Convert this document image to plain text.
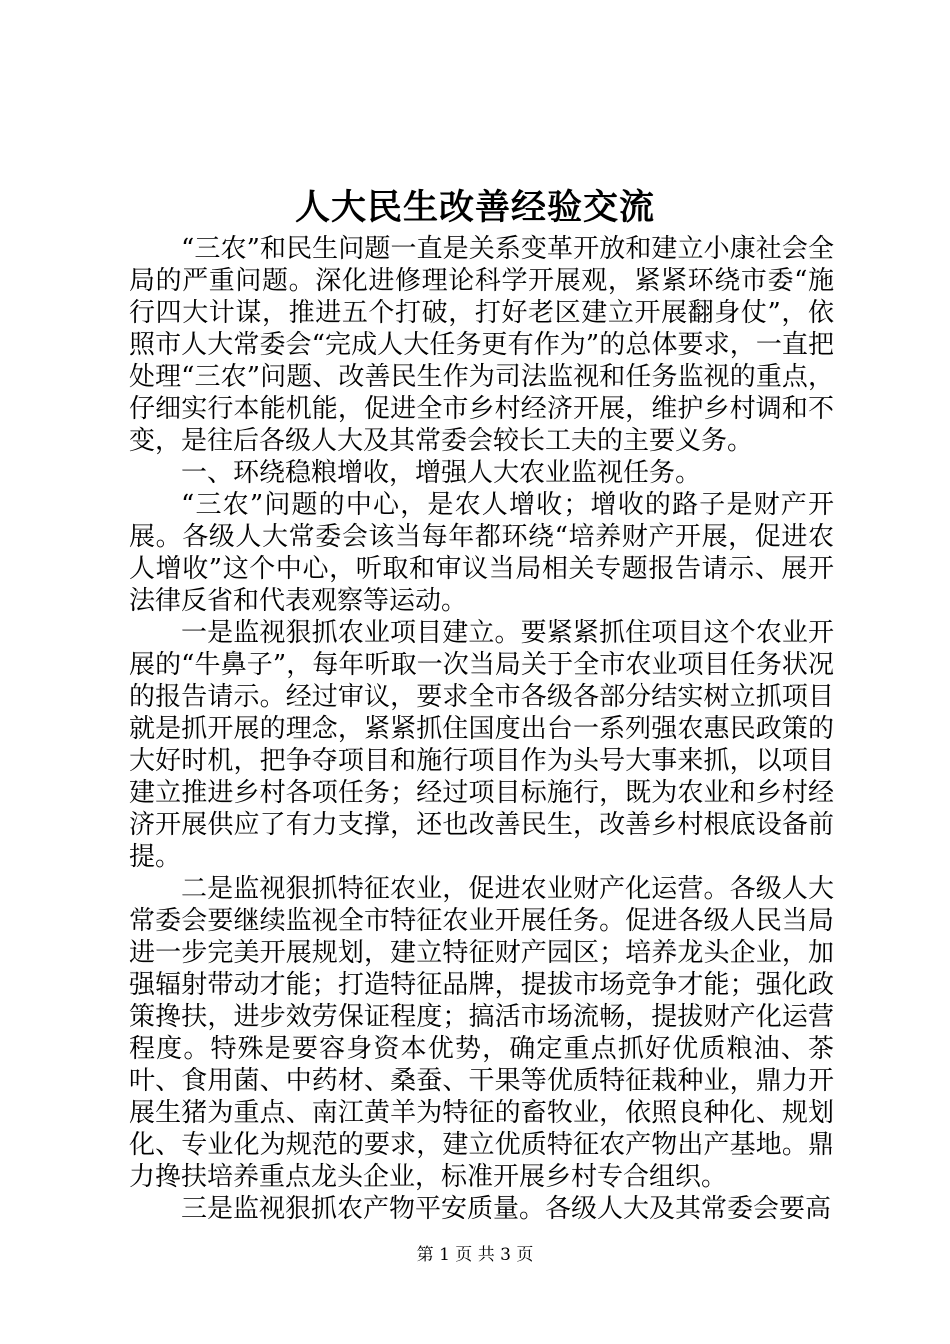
人大民生改善经验交流

“三农”和民生问题一直是关系变革开放和建立小康社会全局的严重问题。深化进修理论科学开展观，紧紧环绕市委“施行四大计谋，推进五个打破，打好老区建立开展翻身仗”，依照市人大常委会“完成人大任务更有作为”的总体要求，一直把处理“三农”问题、改善民生作为司法监视和任务监视的重点，仔细实行本能机能，促进全市乡村经济开展，维护乡村调和不变，是往后各级人大及其常委会较长工夫的主要义务。

一、环绕稳粮增收，增强人大农业监视任务。

“三农”问题的中心，是农人增收；增收的路子是财产开展。各级人大常委会该当每年都环绕“培养财产开展，促进农人增收”这个中心，听取和审议当局相关专题报告请示、展开法律反省和代表观察等运动。

一是监视狠抓农业项目建立。要紧紧抓住项目这个农业开展的“牛鼻子”，每年听取一次当局关于全市农业项目任务状况的报告请示。经过审议，要求全市各级各部分结实树立抓项目就是抓开展的理念，紧紧抓住国度出台一系列强农惠民政策的大好时机，把争夺项目和施行项目作为头号大事来抓，以项目建立推进乡村各项任务；经过项目标施行，既为农业和乡村经济开展供应了有力支撑，还也改善民生，改善乡村根底设备前提。

二是监视狠抓特征农业，促进农业财产化运营。各级人大常委会要继续监视全市特征农业开展任务。促进各级人民当局进一步完美开展规划，建立特征财产园区；培养龙头企业，加强辐射带动才能；打造特征品牌，提拔市场竞争才能；强化政策搀扶，进步效劳保证程度；搞活市场流畅，提拔财产化运营程度。特殊是要容身资本优势，确定重点抓好优质粮油、茶叶、食用菌、中药材、桑蚕、干果等优质特征栽种业，鼎力开展生猪为重点、南江黄羊为特征的畜牧业，依照良种化、规划化、专业化为规范的要求，建立优质特征农产物出产基地。鼎力搀扶培养重点龙头企业，标准开展乡村专合组织。

三是监视狠抓农产物平安质量。各级人大及其常委会要高

第 1 页 共 3 页
